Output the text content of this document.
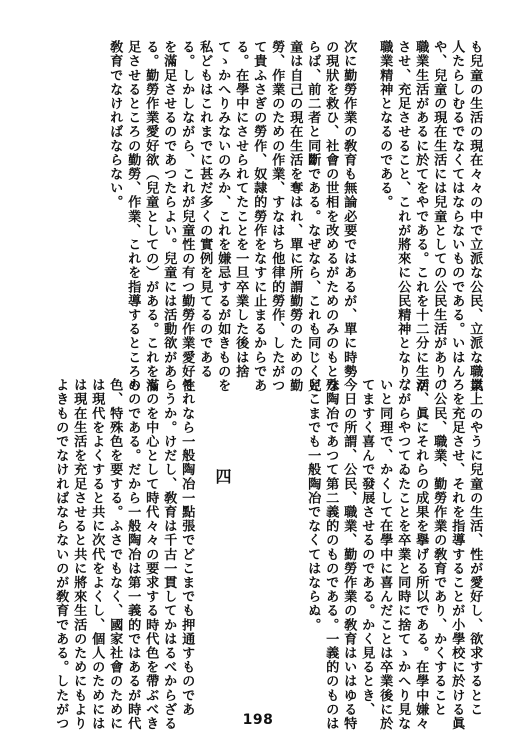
も兒童の生活の現在々々の中で立派な公民、立派な職業
人たらしむるでなくてはならないものである。いはん
や、兒童の現在生活には兒童としての公民生活があり、
職業生活があるに於てをやである。これを十二分に生活
させ、充足させること、これが將來に公民精神となり、
職業精神となるのである。
次に勤勞作業の敎育も無論必要ではあるが、單に時勢
の現狀を救ひ、社會の世相を改めるがためのみのもとな
らば、前二者と同斷である。なぜなら、これも同じく兒
童は自己の現在生活を奪はれ、單に所謂勤勞のための勤
勞、作業のための作業、すなはち他律的勞作、したがつ
て貴ふさぎの勞作、奴隷的勞作をなすに止まるからであ
る。在學中にさせられてたことを一旦卒業した後は捨
てゝかへりみないのみか、これを嫌忌するが如きものを
私どもはこれまでに甚だ多くの實例を見てるのである
る。しかしながら、これが兒童性の有つ勤勞作業愛好性
を滿足させるのであつたらよい。兒童には活動欲があ
る。勤勞作業愛好欲（兒童としての）がある。これを滿
足させるところの勤勞、作業、これを指導するところの
敎育でなければならない。
以上のやうに兒童の生活、性が愛好し、欲求するとこ
ろを充足させ、それを指導することが小學校に於ける眞
の公民、職業、勤勞作業の敎育であり、かくすること
が、眞にそれらの成果を擧げる所以である。在學中嫌々
ながらやつてゐたことを卒業と同時に捨てゝかへり見な
いと同理で、かくして在學中に喜んだことは卒業後に於
てますく喜んで發展させるのである。かく見るとき、
今日の所謂、公民、職業、勤勞作業の敎育はいはゆる特
殊陶冶であつて第二義的のものである。一義的のものは
どこまでも一般陶冶でなくてはならぬ。
四
それなら一般陶冶一點張でどこまでも押通すものであ
らうか。けだし、敎育は千古一貫してかはるべからざる
ものを中心として時代々々の要求する時代色を帶ぶべき
ものである。だから一般陶冶は第一義的ではあるが時代
色、特殊色を要する。ふさでもなく、國家社會のために
は現代をよくすると共に次代をよくし、個人のためには
は現在生活を充足させると共に將來生活のためにもより
よきものでなければならないのが敎育である。したがつ	198
